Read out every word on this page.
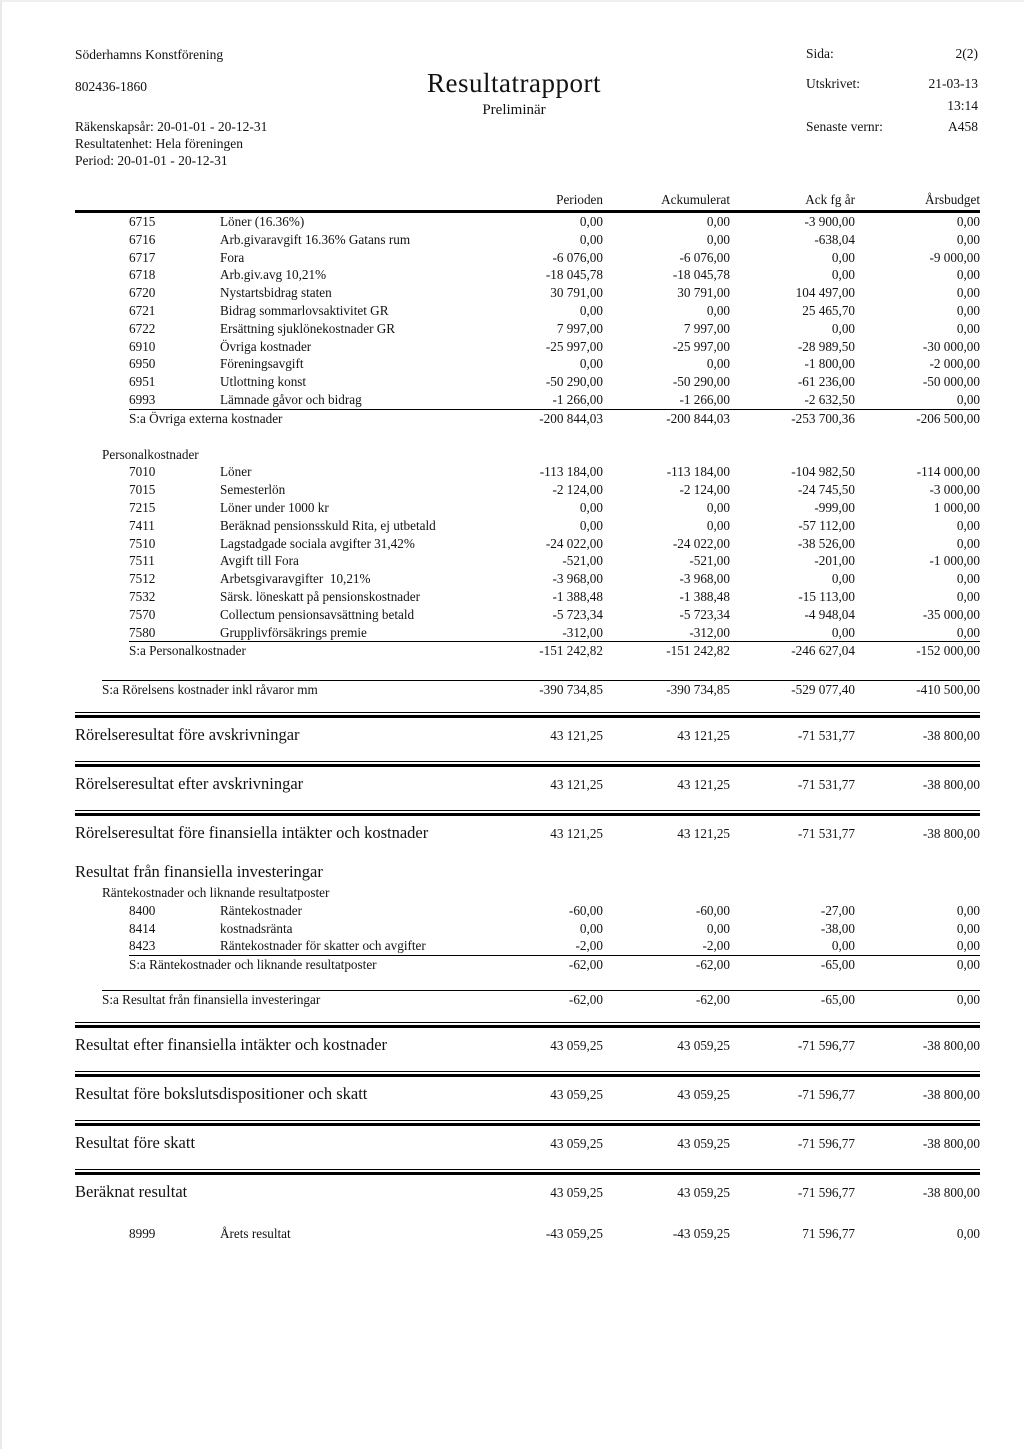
Söderhamns Konstförening
802436-1860
Räkenskapsår: 20-01-01 - 20-12-31
Resultatenhet: Hela föreningen
Period: 20-01-01 - 20-12-31
Resultatrapport
Preliminär
Sida:	2(2)
Utskrivet:	21-03-13
13:14
Senaste vernr:	A458
Perioden	Ackumulerat	Ack fg år	Årsbudget
6715	Löner (16.36%)	0,00	0,00	-3 900,00	0,00
6716	Arb.givaravgift 16.36% Gatans rum	0,00	0,00	-638,04	0,00
6717	Fora	-6 076,00	-6 076,00	0,00	-9 000,00
6718	Arb.giv.avg 10,21%	-18 045,78	-18 045,78	0,00	0,00
6720	Nystartsbidrag staten	30 791,00	30 791,00	104 497,00	0,00
6721	Bidrag sommarlovsaktivitet GR	0,00	0,00	25 465,70	0,00
6722	Ersättning sjuklönekostnader GR	7 997,00	7 997,00	0,00	0,00
6910	Övriga kostnader	-25 997,00	-25 997,00	-28 989,50	-30 000,00
6950	Föreningsavgift	0,00	0,00	-1 800,00	-2 000,00
6951	Utlottning konst	-50 290,00	-50 290,00	-61 236,00	-50 000,00
6993	Lämnade gåvor och bidrag	-1 266,00	-1 266,00	-2 632,50	0,00
S:a Övriga externa kostnader	-200 844,03	-200 844,03	-253 700,36	-206 500,00
Personalkostnader
7010	Löner	-113 184,00	-113 184,00	-104 982,50	-114 000,00
7015	Semesterlön	-2 124,00	-2 124,00	-24 745,50	-3 000,00
7215	Löner under 1000 kr	0,00	0,00	-999,00	1 000,00
7411	Beräknad pensionsskuld Rita, ej utbetald	0,00	0,00	-57 112,00	0,00
7510	Lagstadgade sociala avgifter 31,42%	-24 022,00	-24 022,00	-38 526,00	0,00
7511	Avgift till Fora	-521,00	-521,00	-201,00	-1 000,00
7512	Arbetsgivaravgifter  10,21%	-3 968,00	-3 968,00	0,00	0,00
7532	Särsk. löneskatt på pensionskostnader	-1 388,48	-1 388,48	-15 113,00	0,00
7570	Collectum pensionsavsättning betald	-5 723,34	-5 723,34	-4 948,04	-35 000,00
7580	Grupplivförsäkrings premie	-312,00	-312,00	0,00	0,00
S:a Personalkostnader	-151 242,82	-151 242,82	-246 627,04	-152 000,00
S:a Rörelsens kostnader inkl råvaror mm	-390 734,85	-390 734,85	-529 077,40	-410 500,00
Rörelseresultat före avskrivningar	43 121,25	43 121,25	-71 531,77	-38 800,00
Rörelseresultat efter avskrivningar	43 121,25	43 121,25	-71 531,77	-38 800,00
Rörelseresultat före finansiella intäkter och kostnader	43 121,25	43 121,25	-71 531,77	-38 800,00
Resultat från finansiella investeringar
Räntekostnader och liknande resultatposter
8400	Räntekostnader	-60,00	-60,00	-27,00	0,00
8414	kostnadsränta	0,00	0,00	-38,00	0,00
8423	Räntekostnader för skatter och avgifter	-2,00	-2,00	0,00	0,00
S:a Räntekostnader och liknande resultatposter	-62,00	-62,00	-65,00	0,00
S:a Resultat från finansiella investeringar	-62,00	-62,00	-65,00	0,00
Resultat efter finansiella intäkter och kostnader	43 059,25	43 059,25	-71 596,77	-38 800,00
Resultat före bokslutsdispositioner och skatt	43 059,25	43 059,25	-71 596,77	-38 800,00
Resultat före skatt	43 059,25	43 059,25	-71 596,77	-38 800,00
Beräknat resultat	43 059,25	43 059,25	-71 596,77	-38 800,00
8999	Årets resultat	-43 059,25	-43 059,25	71 596,77	0,00
